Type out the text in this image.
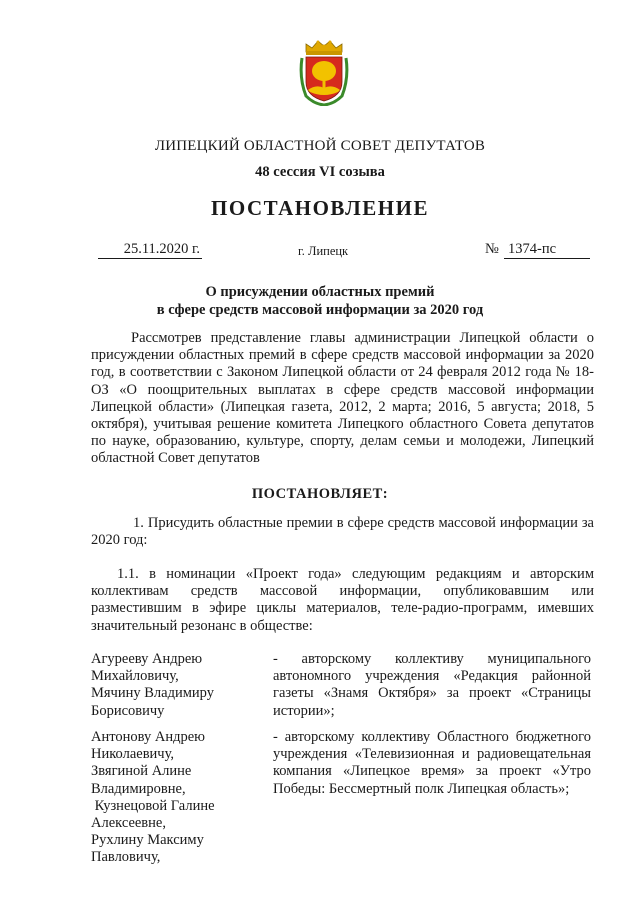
ЛИПЕЦКИЙ ОБЛАСТНОЙ СОВЕТ ДЕПУТАТОВ
48 сессия VI созыва
ПОСТАНОВЛЕНИЕ
25.11.2020 г.	г. Липецк	№ 1374-пс
О присуждении областных премий
в сфере средств массовой информации за 2020 год
Рассмотрев представление главы администрации Липецкой области о присуждении областных премий в сфере средств массовой информации за 2020 год, в соответствии с Законом Липецкой области от 24 февраля 2012 года № 18-ОЗ «О поощрительных выплатах в сфере средств массовой информации Липецкой области» (Липецкая газета, 2012, 2 марта; 2016, 5 августа; 2018, 5 октября), учитывая решение комитета Липецкого областного Совета депутатов по науке, образованию, культуре, спорту, делам семьи и молодежи, Липецкий областной Совет депутатов
ПОСТАНОВЛЯЕТ:
1. Присудить областные премии в сфере средств массовой информации за 2020 год:
1.1. в номинации «Проект года» следующим редакциям и авторским коллективам средств массовой информации, опубликовавшим или разместившим в эфире циклы материалов, теле-радио-программ, имевших значительный резонанс в обществе:
Агурееву Андрею
Михайловичу,
Мячину Владимиру
Борисовичу
- авторскому коллективу муниципального автономного учреждения «Редакция районной газеты «Знамя Октября» за проект «Страницы истории»;
Антонову Андрею
Николаевичу,
Звягиной Алине
Владимировне,
Кузнецовой Галине
Алексеевне,
Рухлину Максиму
Павловичу,
- авторскому коллективу Областного бюджетного учреждения «Телевизионная и радиовещательная компания «Липецкое время» за проект «Утро Победы: Бессмертный полк Липецкая область»;
